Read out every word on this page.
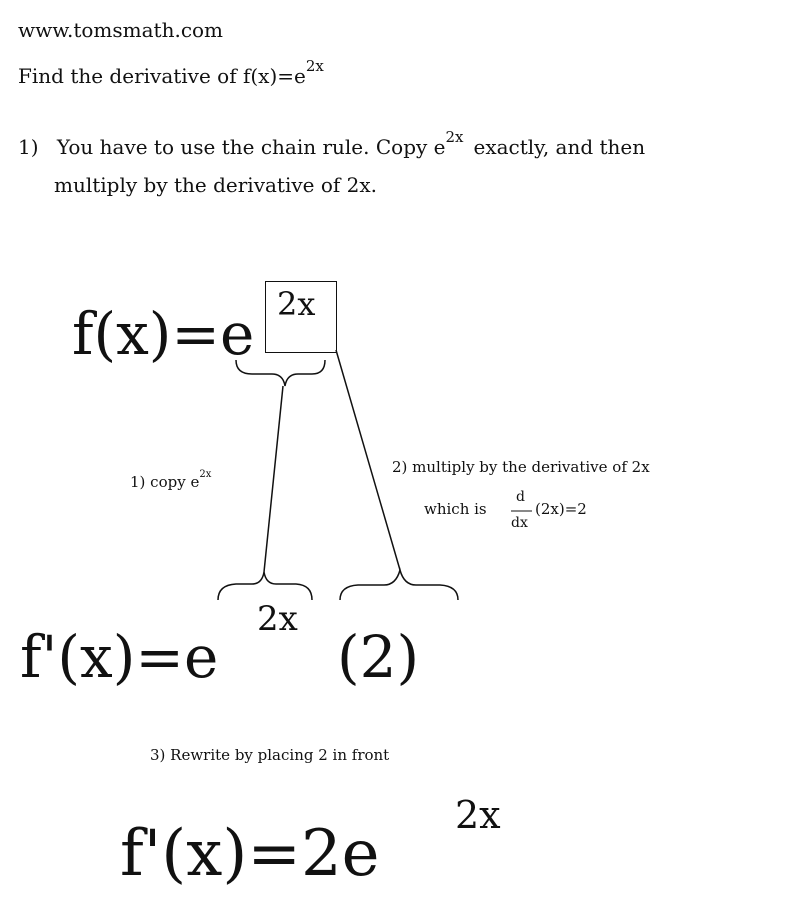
www.tomsmath.com
Find the derivative of $f(x)=e^{2x}$
1) You have to use the chain rule. Copy $e^{2x}$ exactly, and then
multiply by the derivative of 2x.
f(x)=e 2x
1) copy $e^{2x}$	2) multiply by the derivative of 2x
which is
d
dx
(2x)=2
f'(x)=e
2x
(2)
3) Rewrite by placing 2 in front
f'(x)=2e
2x
